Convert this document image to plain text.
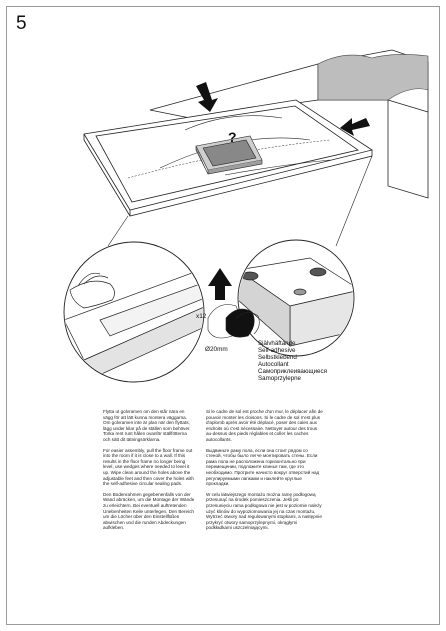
5
?
x12
Ø20mm
Självhäftande
Self-adhesive
Selbstklebend
Autocollant
Самоприклеивающиеся
Samoprzylepne

Flytta ut golvramen om den står nära en vägg för att lätt kunna montera väggarna. Om golvramen inte är plan när den flyttats, lägg under kilar på de ställen som behöver. Torka rent runt hålen ovanför ställfötterna och sätt dit tätningsörklarna.

For easier assembly, pull the floor frame out into the room if it is close to a wall. If this results in the floor frame no longer being level, use wedges where needed to level it up. Wipe clean around the holes above the adjustable feet and then cover the holes with the self-adhesive circular sealing pads.

Den Bodenrahmen gegebenenfalls von der Wand abrücken, um die Montage der Wände zu erleichtern. Bei eventuell auftretenden Unebenheiten Keile unterlegen. Den Bereich um die Löcher über den Einstellfüßen abwischen und die runden Abdeckungen aufkleben.

Si le cadre de sol est proche d'un mur, le déplacer afin de pouvoir monter les cloisons. Si le cadre de sol n'est plus d'aplomb après avoir été déplacé, poser des cales aux endroits où c'est nécessaire. Nettoyer autour des trous au-dessus des pieds réglables et coller les caches autocollants.

Выдвиньте раму пола, если она стоит рядом со стеной, чтобы было легче монтировать стены. Если рама пола не расположена горизонтально при перемещении, подложите клинья там, где это необходимо. Протрите начисто вокруг отверстий над регулируемыми лапками и наклейте круглые прокладки.

W celu łatwiejszego montażu można ramę podłogową przesunąć na środek pomieszczenia. Jeśli po przesunięciu rama podłogowa nie jest w poziomie należy użyć klinów do wypoziomowania jej na czas montażu. Wytrzeć otwory nad regulowanymi stopkami, a następnie przykryć otwory samoprzylepnymi, okrągłymi podkładkami uszczelniającymi.
